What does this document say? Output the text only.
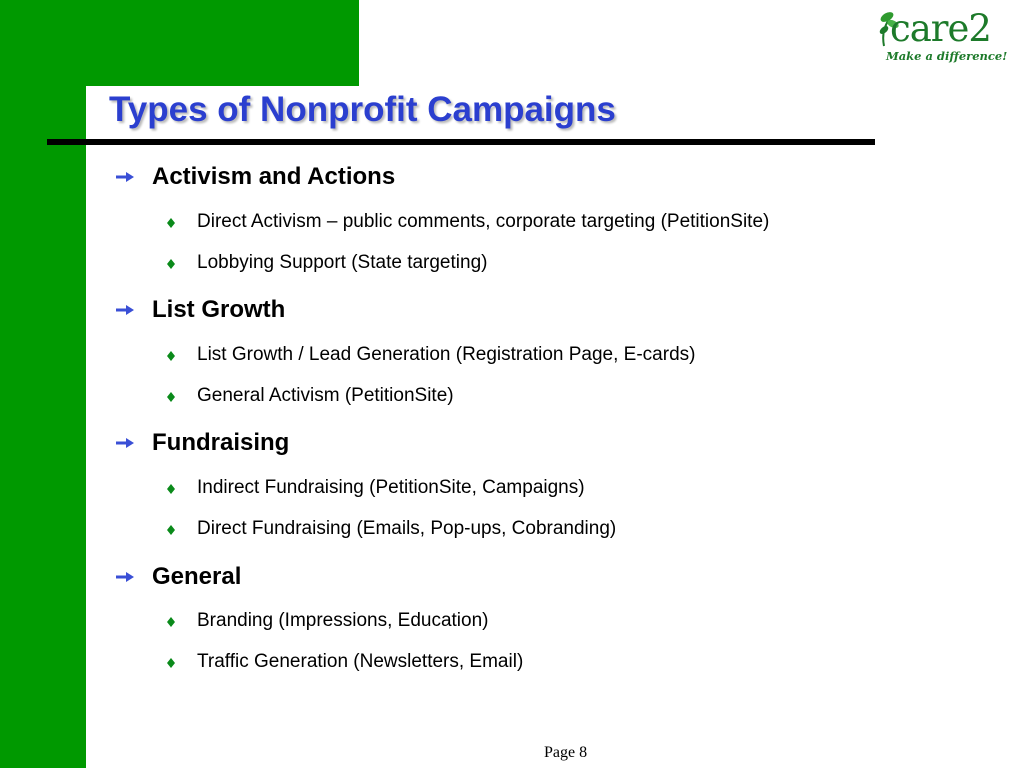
care2
Make a difference!
Types of Nonprofit Campaigns
Activism and Actions
Direct Activism – public comments, corporate targeting (PetitionSite)
Lobbying Support (State targeting)
List Growth
List Growth / Lead Generation (Registration Page, E-cards)
General Activism (PetitionSite)
Fundraising
Indirect Fundraising (PetitionSite, Campaigns)
Direct Fundraising (Emails, Pop-ups, Cobranding)
General
Branding (Impressions, Education)
Traffic Generation (Newsletters, Email)
Page 8
